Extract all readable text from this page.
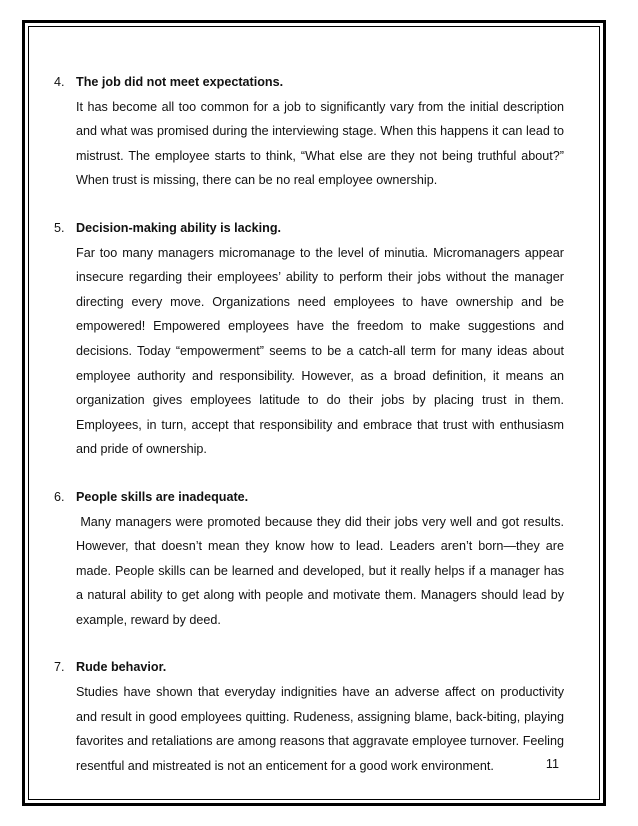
4. The job did not meet expectations.

It has become all too common for a job to significantly vary from the initial description and what was promised during the interviewing stage. When this happens it can lead to mistrust. The employee starts to think, “What else are they not being truthful about?” When trust is missing, there can be no real employee ownership.

5. Decision-making ability is lacking.

Far too many managers micromanage to the level of minutia. Micromanagers appear insecure regarding their employees’ ability to perform their jobs without the manager directing every move. Organizations need employees to have ownership and be empowered! Empowered employees have the freedom to make suggestions and decisions. Today “empowerment” seems to be a catch-all term for many ideas about employee authority and responsibility. However, as a broad definition, it means an organization gives employees latitude to do their jobs by placing trust in them. Employees, in turn, accept that responsibility and embrace that trust with enthusiasm and pride of ownership.

6. People skills are inadequate.

Many managers were promoted because they did their jobs very well and got results. However, that doesn’t mean they know how to lead. Leaders aren’t born—they are made. People skills can be learned and developed, but it really helps if a manager has a natural ability to get along with people and motivate them. Managers should lead by example, reward by deed.

7. Rude behavior.

Studies have shown that everyday indignities have an adverse affect on productivity and result in good employees quitting. Rudeness, assigning blame, back-biting, playing favorites and retaliations are among reasons that aggravate employee turnover. Feeling resentful and mistreated is not an enticement for a good work environment.	11
